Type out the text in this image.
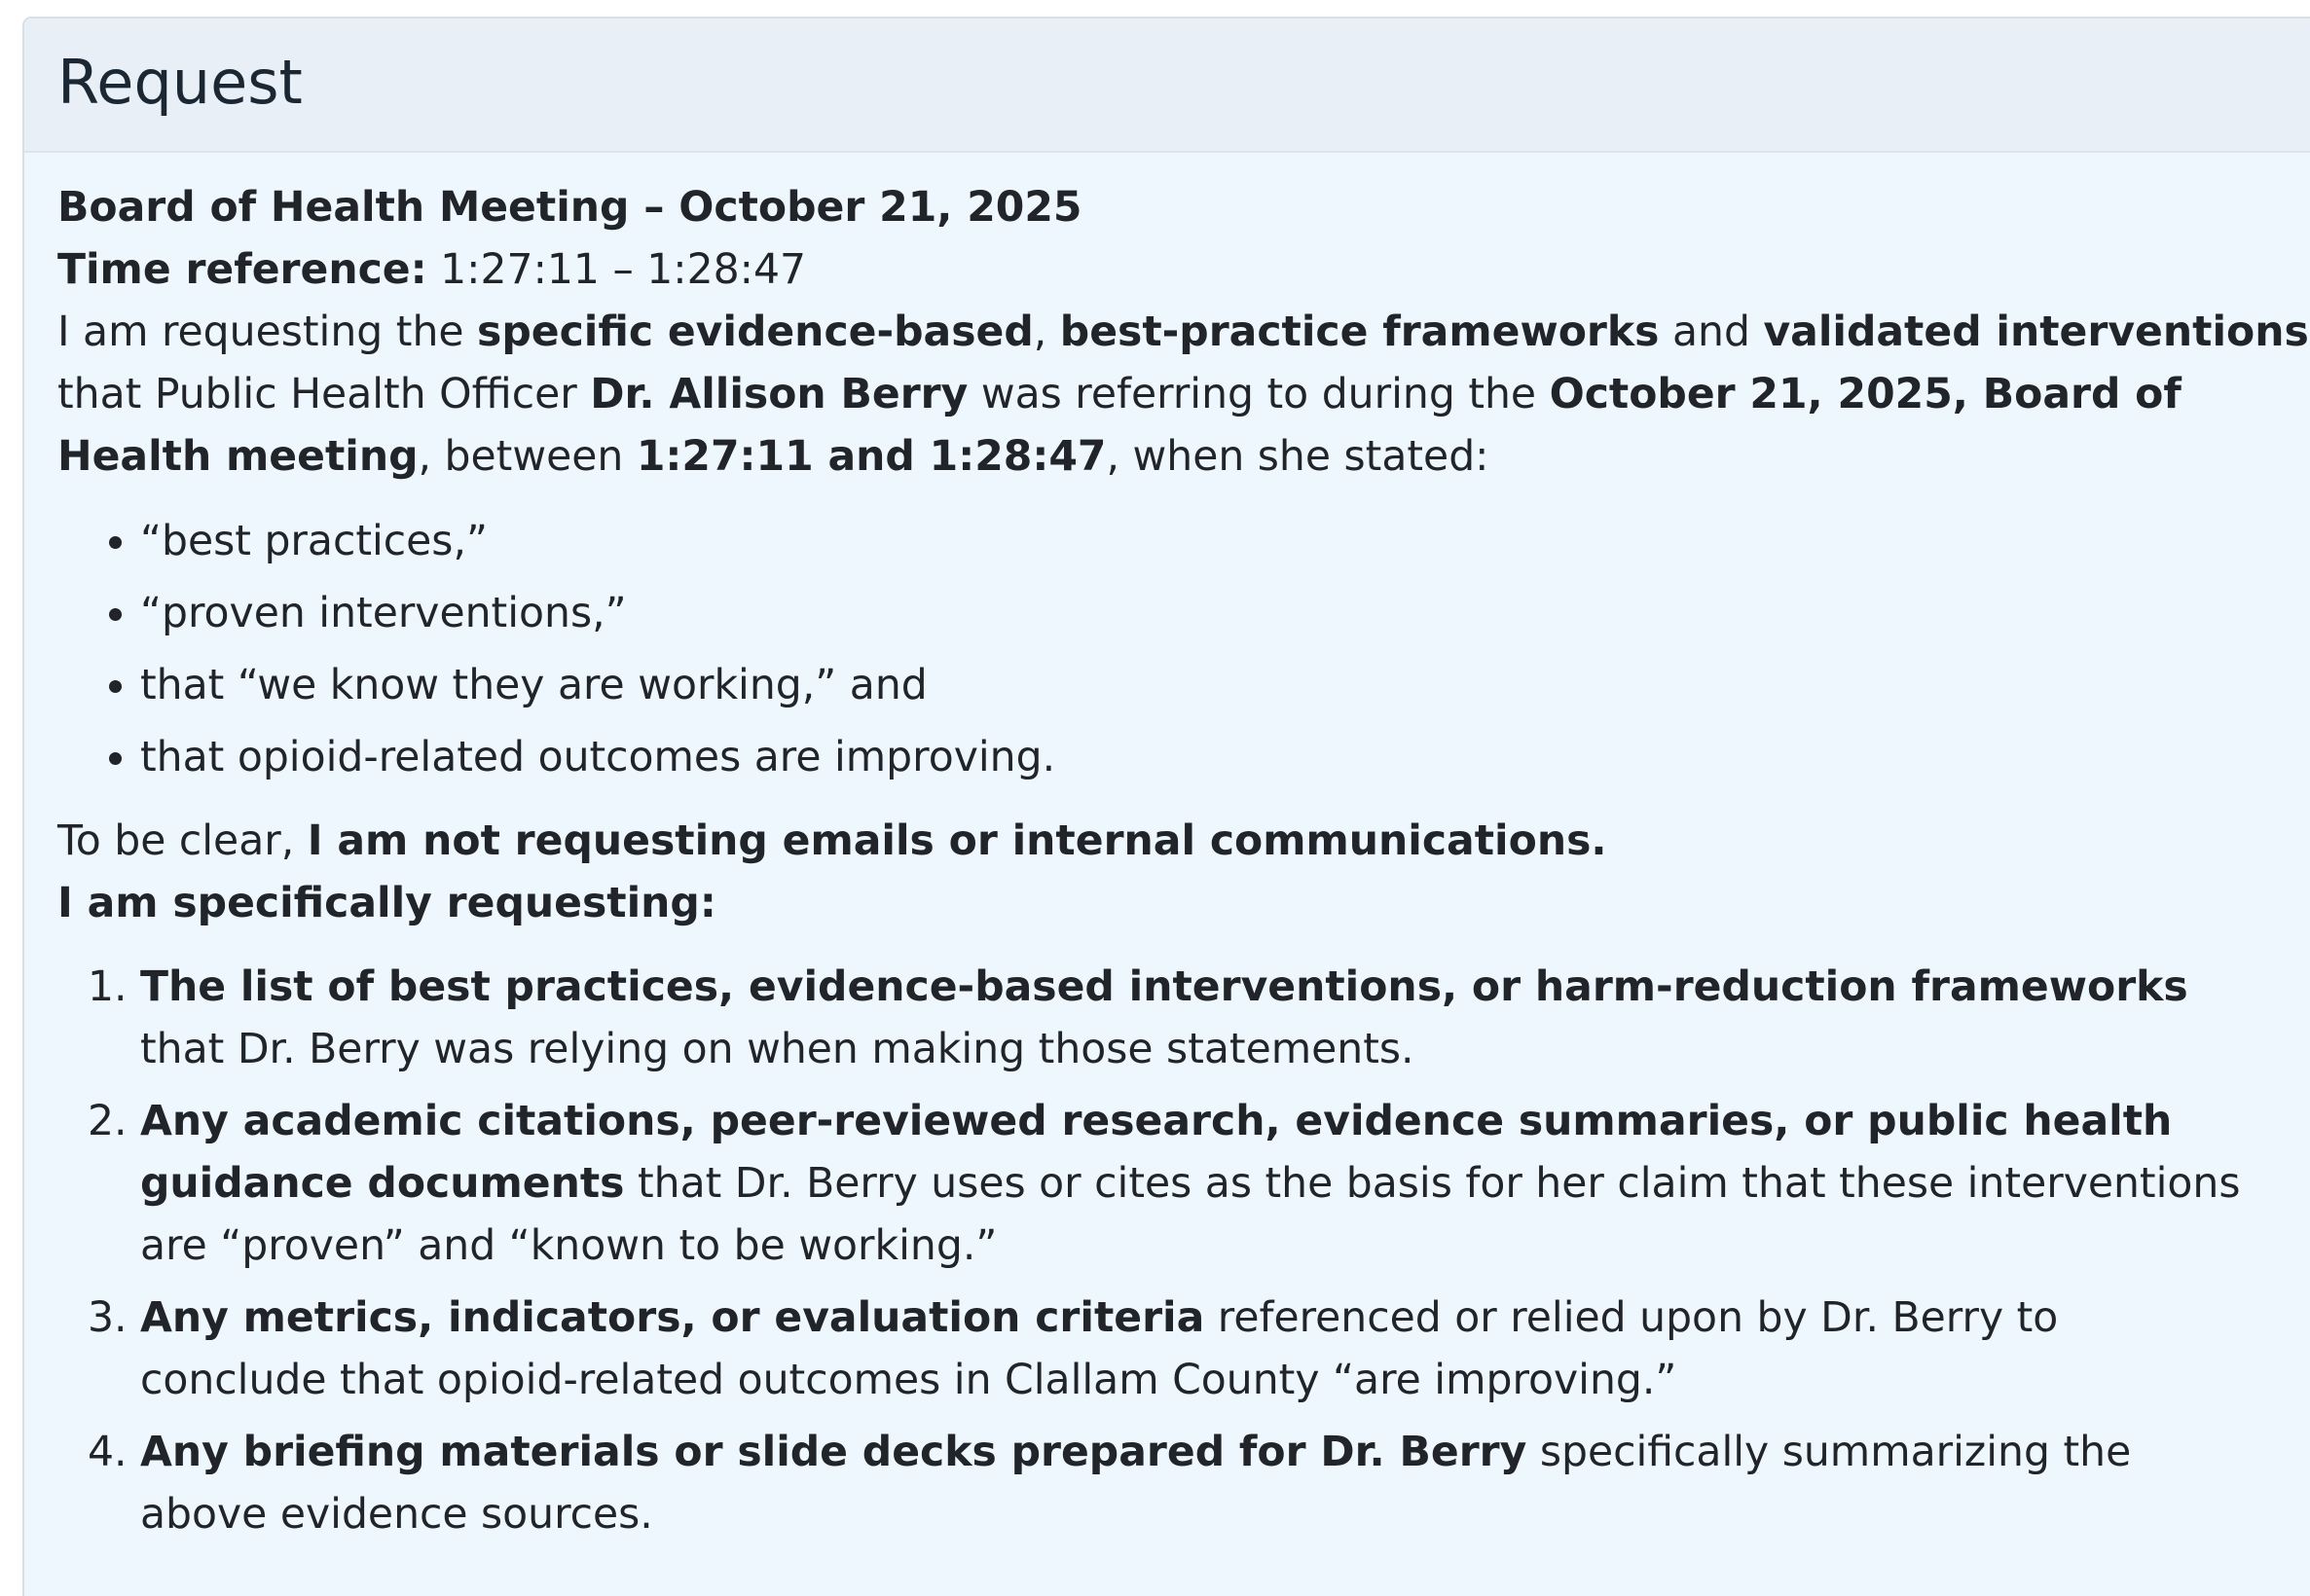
Request
Board of Health Meeting – October 21, 2025
Time reference: 1:27:11 – 1:28:47

I am requesting the specific evidence-based, best-practice frameworks and validated interventions that Public Health Officer Dr. Allison Berry was referring to during the October 21, 2025, Board of Health meeting, between 1:27:11 and 1:28:47, when she stated:

• “best practices,”
• “proven interventions,”
• that “we know they are working,” and
• that opioid-related outcomes are improving.
To be clear, I am not requesting emails or internal communications.
I am specifically requesting:
1. The list of best practices, evidence-based interventions, or harm-reduction frameworks that Dr. Berry was relying on when making those statements.
2. Any academic citations, peer-reviewed research, evidence summaries, or public health guidance documents that Dr. Berry uses or cites as the basis for her claim that these interventions are “proven” and “known to be working.”
3. Any metrics, indicators, or evaluation criteria referenced or relied upon by Dr. Berry to conclude that opioid-related outcomes in Clallam County “are improving.”
4. Any briefing materials or slide decks prepared for Dr. Berry specifically summarizing the above evidence sources.
